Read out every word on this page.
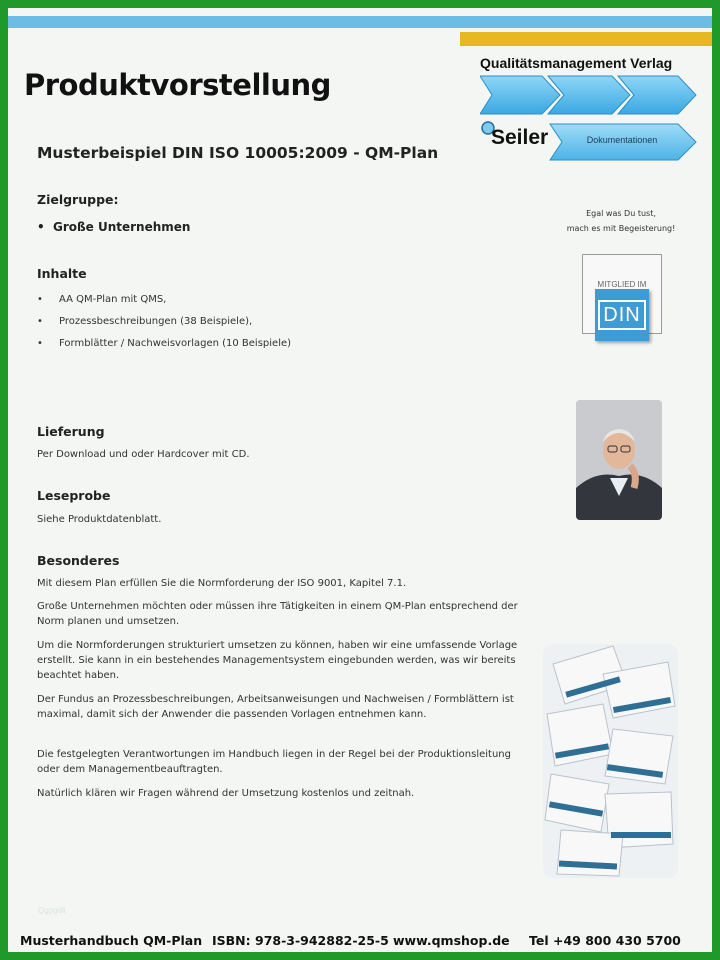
Produktvorstellung
Musterbeispiel DIN ISO 10005:2009 - QM-Plan
Qualitätsmanagement Verlag
Seiler	Dokumentationen
Egal was Du tust,
mach es mit Begeisterung!
MITGLIED IM
DIN
Zielgruppe:
• Große Unternehmen
Inhalte
• AA QM-Plan mit QMS,
• Prozessbeschreibungen (38 Beispiele),
• Formblätter / Nachweisvorlagen (10 Beispiele)
Lieferung
Per Download und oder Hardcover mit CD.
Leseprobe
Siehe Produktdatenblatt.
Besonderes
Mit diesem Plan erfüllen Sie die Normforderung der ISO 9001, Kapitel 7.1.
Große Unternehmen möchten oder müssen ihre Tätigkeiten in einem QM-Plan entsprechend der Norm planen und umsetzen.
Um die Normforderungen strukturiert umsetzen zu können, haben wir eine umfassende Vorlage erstellt. Sie kann in ein bestehendes Managementsystem eingebunden werden, was wir bereits beachtet haben.
Der Fundus an Prozessbeschreibungen, Arbeitsanweisungen und Nachweisen / Formblättern ist maximal, damit sich der Anwender die passenden Vorlagen entnehmen kann.
Die festgelegten Verantwortungen im Handbuch liegen in der Regel bei der Produktionsleitung oder dem Managementbeauftragten.
Natürlich klären wir Fragen während der Umsetzung kostenlos und zeitnah.
Qgpgdli
Musterhandbuch QM-Plan ISBN: 978-3-942882-25-5 www.qmshop.de Tel +49 800 430 5700
